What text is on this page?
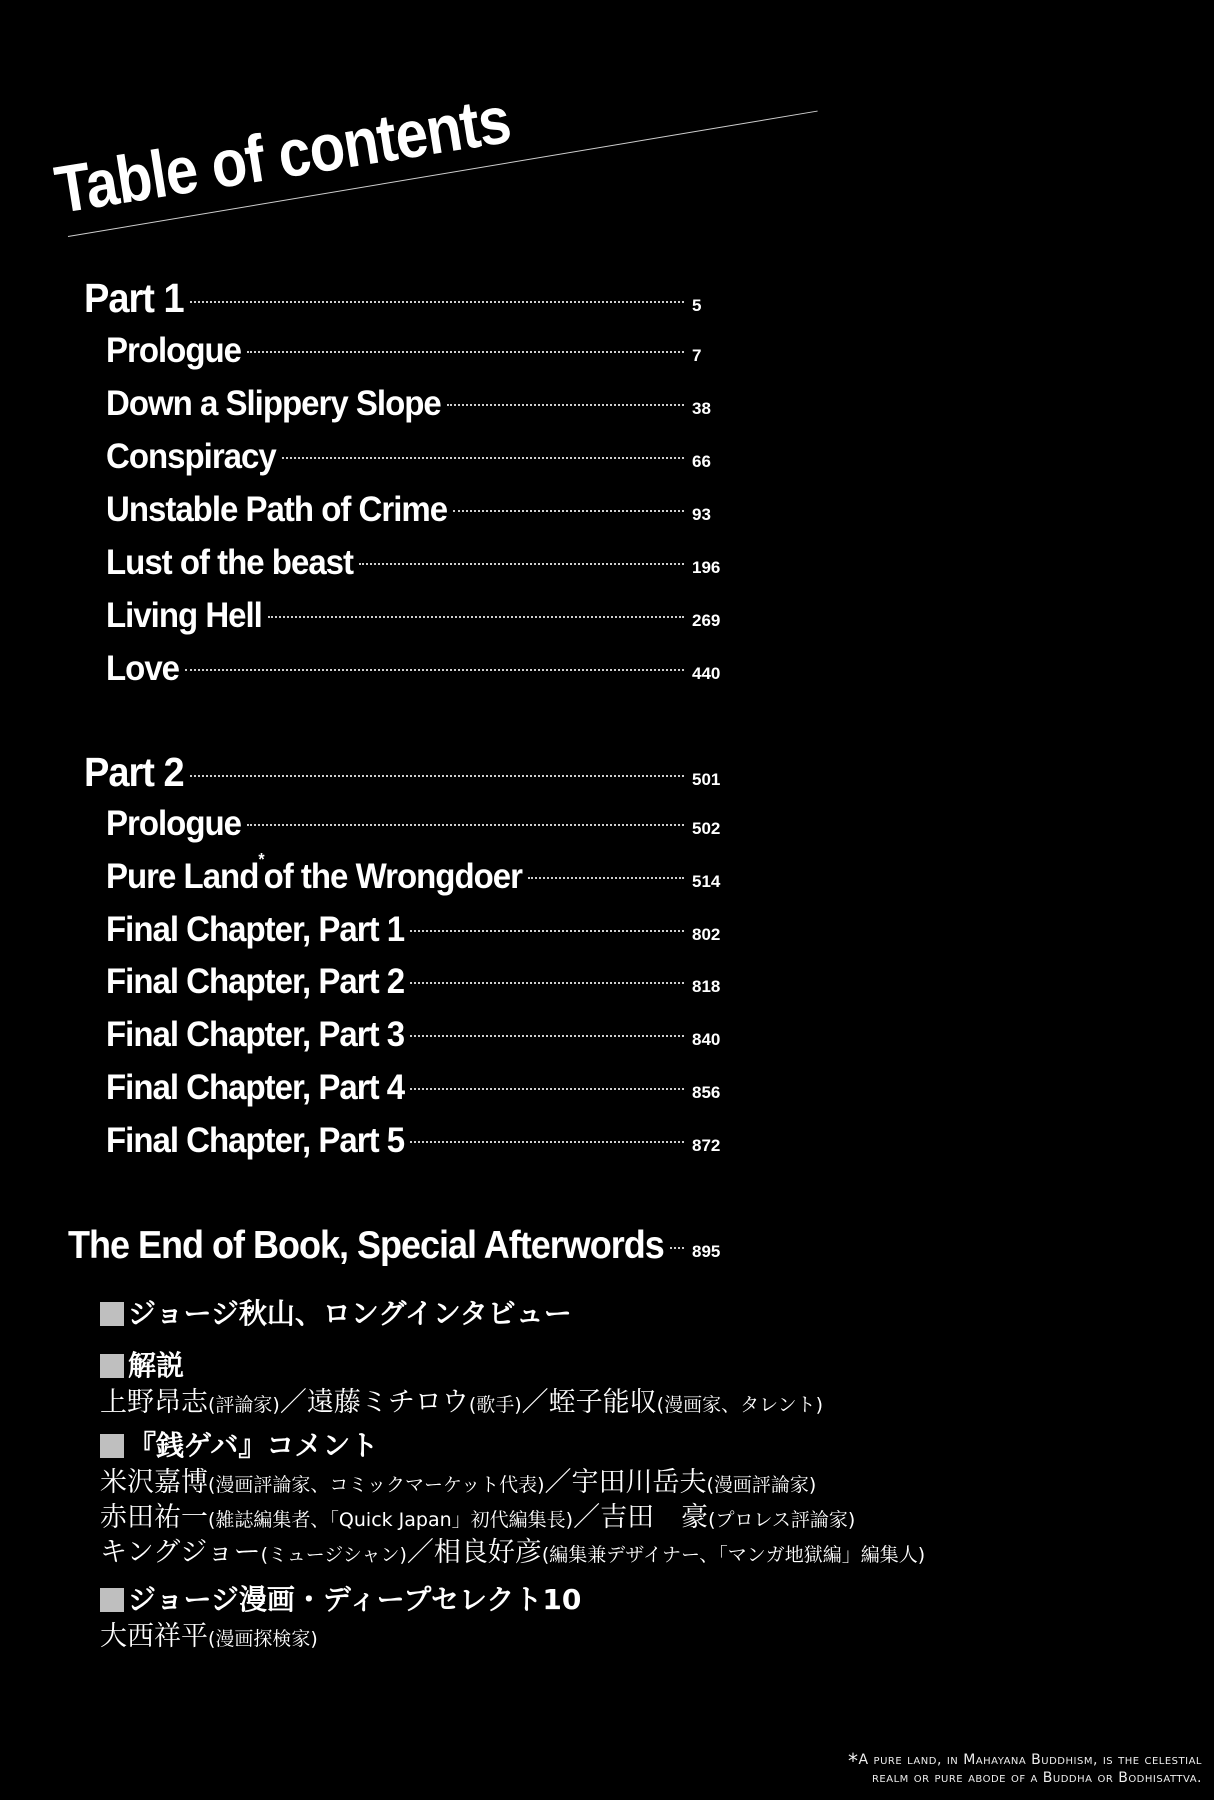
Table of contents
Part 1	5
Prologue	7
Down a Slippery Slope	38
Conspiracy	66
Unstable Path of Crime	93
Lust of the beast	196
Living Hell	269
Love	440
Part 2	501
Prologue	502
Pure Land*of the Wrongdoer	514
Final Chapter, Part 1	802
Final Chapter, Part 2	818
Final Chapter, Part 3	840
Final Chapter, Part 4	856
Final Chapter, Part 5	872
The End of Book, Special Afterwords 895
ジョージ秋山、ロングインタビュー
解説
上野昂志(評論家)／遠藤ミチロウ(歌手)／蛭子能収(漫画家、タレント)
『銭ゲバ』コメント
米沢嘉博(漫画評論家、コミックマーケット代表)／宇田川岳夫(漫画評論家)
赤田祐一(雑誌編集者、「Quick Japan」初代編集長)／吉田　豪(プロレス評論家)
キングジョー(ミュージシャン)／相良好彦(編集兼デザイナー、「マンガ地獄編」編集人)
ジョージ漫画・ディープセレクト10
大西祥平(漫画探検家)
*A pure land, in Mahayana Buddhism, is the celestial
realm or pure abode of a Buddha or Bodhisattva.
